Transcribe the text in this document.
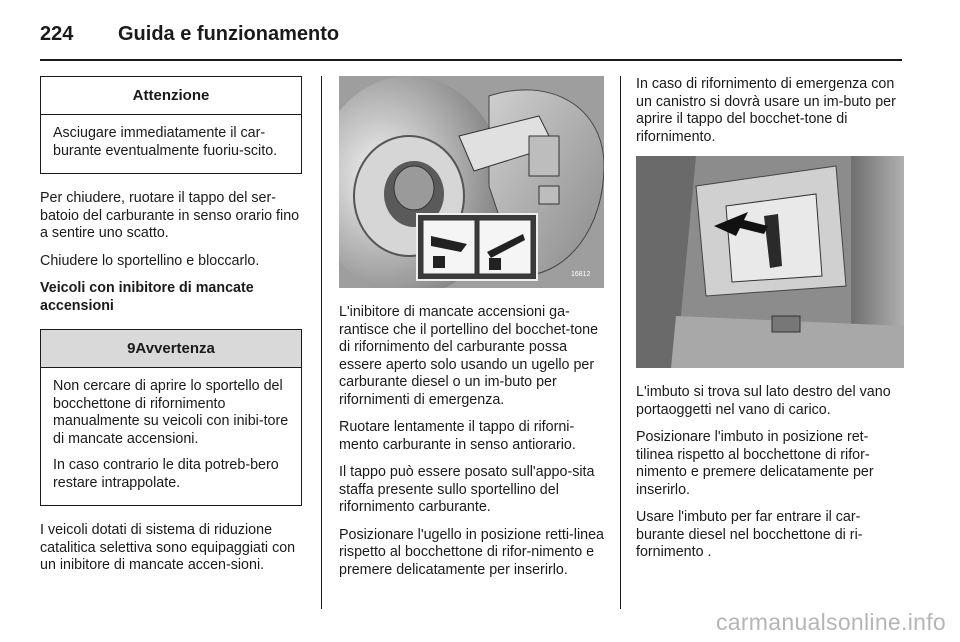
224	Guida e funzionamento
Attenzione

Asciugare immediatamente il car-burante eventualmente fuoriu-scito.

Per chiudere, ruotare il tappo del ser-batoio del carburante in senso orario fino a sentire uno scatto.

Chiudere lo sportellino e bloccarlo.

Veicoli con inibitore di mancate accensioni

9Avvertenza

Non cercare di aprire lo sportello del bocchettone di rifornimento manualmente su veicoli con inibi-tore di mancate accensioni.

In caso contrario le dita potreb-bero restare intrappolate.

I veicoli dotati di sistema di riduzione catalitica selettiva sono equipaggiati con un inibitore di mancate accen-sioni.

16812

L'inibitore di mancate accensioni ga-rantisce che il portellino del bocchet-tone di rifornimento del carburante possa essere aperto solo usando un ugello per carburante diesel o un im-buto per rifornimenti di emergenza.

Ruotare lentamente il tappo di riforni-mento carburante in senso antiorario.

Il tappo può essere posato sull'appo-sita staffa presente sullo sportellino del rifornimento carburante.

Posizionare l'ugello in posizione retti-linea rispetto al bocchettone di rifor-nimento e premere delicatamente per inserirlo.

In caso di rifornimento di emergenza con un canistro si dovrà usare un im-buto per aprire il tappo del bocchet-tone di rifornimento.

L'imbuto si trova sul lato destro del vano portaoggetti nel vano di carico.

Posizionare l'imbuto in posizione ret-tilinea rispetto al bocchettone di rifor-nimento e premere delicatamente per inserirlo.

Usare l'imbuto per far entrare il car-burante diesel nel bocchettone di ri-fornimento .

carmanualsonline.info
